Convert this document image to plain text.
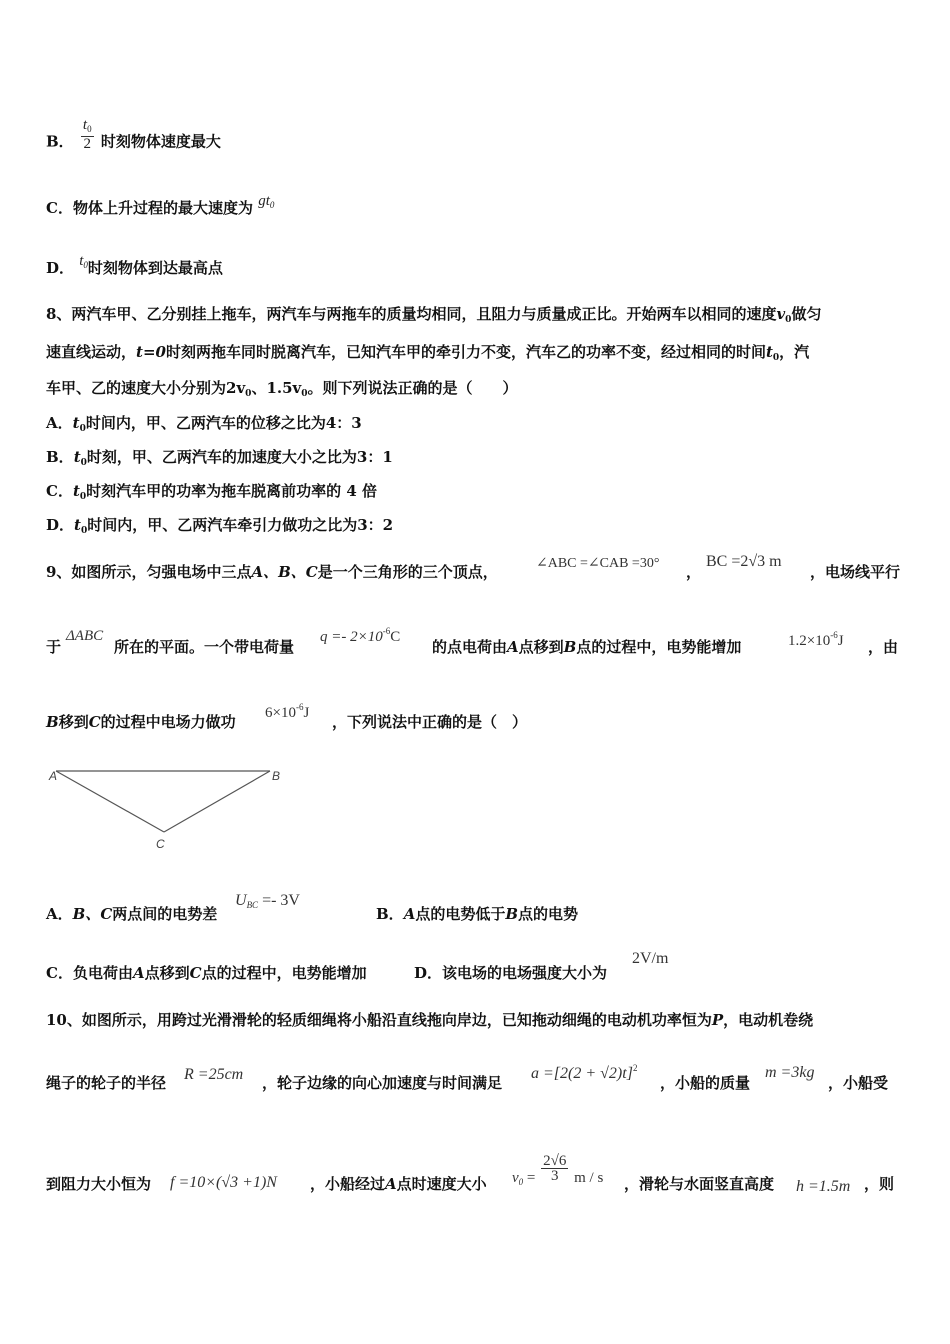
B． $\frac{t_0}{2}$ 时刻物体速度最大
C．物体上升过程的最大速度为 $gt_0$
D． $t_0$时刻物体到达最高点
8、两汽车甲、乙分别挂上拖车，两汽车与两拖车的质量均相同，且阻力与质量成正比。开始两车以相同的速度$v_0$做匀
速直线运动，t=0时刻两拖车同时脱离汽车，已知汽车甲的牵引力不变，汽车乙的功率不变，经过相同的时间$t_0$，汽
车甲、乙的速度大小分别为$2v_0$、$1.5v_0$。则下列说法正确的是（　　）
A．$t_0$时间内，甲、乙两汽车的位移之比为4：3
B．$t_0$时刻，甲、乙两汽车的加速度大小之比为3：1
C．$t_0$时刻汽车甲的功率为拖车脱离前功率的 4 倍
D．$t_0$时间内，甲、乙两汽车牵引力做功之比为3：2
9、如图所示，匀强电场中三点A、B、C是一个三角形的三个顶点，	∠ABC =∠CAB =30° ，
BC =2√3 m
，电场线平行
于
ΔABC
所在的平面。一个带电荷量
$q =- 2\times 10^{-6}C$
的点电荷由A点移到B点的过程中，电势能增加	$1.2\times 10^{-6}J$ ，由
B移到C的过程中电场力做功 $6\times 10^{-6}J$ ，下列说法中正确的是（　）
A	B
C
A．B、C两点间的电势差
$U_{BC} =- 3V$
B．A点的电势低于B点的电势
C．负电荷由A点移到C点的过程中，电势能增加	D．该电场的电场强度大小为
2V/m
10、如图所示，用跨过光滑滑轮的轻质细绳将小船沿直线拖向岸边，已知拖动细绳的电动机功率恒为P，电动机卷绕
绳子的轮子的半径 R =25cm ，轮子边缘的向心加速度与时间满足
$a =[2(2 + √2)t]^2$
，小船的质量
m =3kg
，小船受
到阻力大小恒为 f =10×(√3 +1)N ，小船经过A点时速度大小 $v_0 = \frac{2√6}{3}$ m / s ，滑轮与水面竖直高度 h =1.5m ，则
